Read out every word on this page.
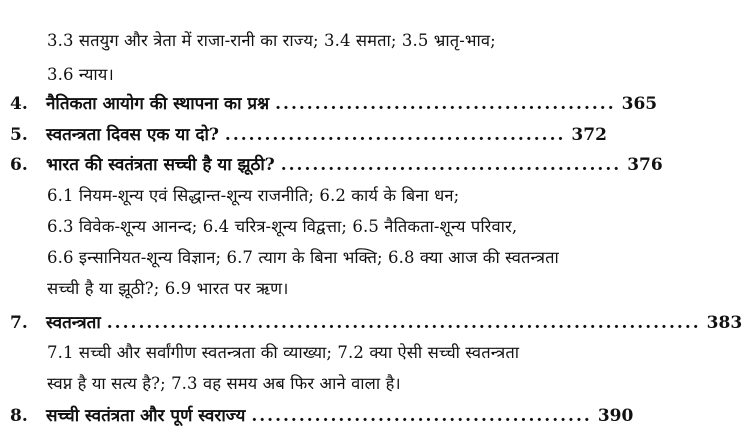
3.3 सतयुग और त्रेता में राजा-रानी का राज्य; 3.4 समता; 3.5 भ्रातृ-भाव;
3.6 न्याय।
4.	नैतिकता आयोग की स्थापना का प्रश्न ........................................... 365
5.	स्वतन्त्रता दिवस एक या दो? ........................................... 372
6.	भारत की स्वतंत्रता सच्ची है या झूठी? ........................................... 376
6.1 नियम-शून्य एवं सिद्धान्त-शून्य राजनीति; 6.2 कार्य के बिना धन;
6.3 विवेक-शून्य आनन्द; 6.4 चरित्र-शून्य विद्वत्ता; 6.5 नैतिकता-शून्य परिवार,
6.6 इन्सानियत-शून्य विज्ञान; 6.7 त्याग के बिना भक्ति; 6.8 क्या आज की स्वतन्त्रता
सच्ची है या झूठी?; 6.9 भारत पर ऋण।
7.	स्वतन्त्रता ........................................................................... 383
7.1 सच्ची और सर्वांगीण स्वतन्त्रता की व्याख्या; 7.2 क्या ऐसी सच्ची स्वतन्त्रता
स्वप्न है या सत्य है?; 7.3 वह समय अब फिर आने वाला है।
8.	सच्ची स्वतंत्रता और पूर्ण स्वराज्य ........................................... 390
